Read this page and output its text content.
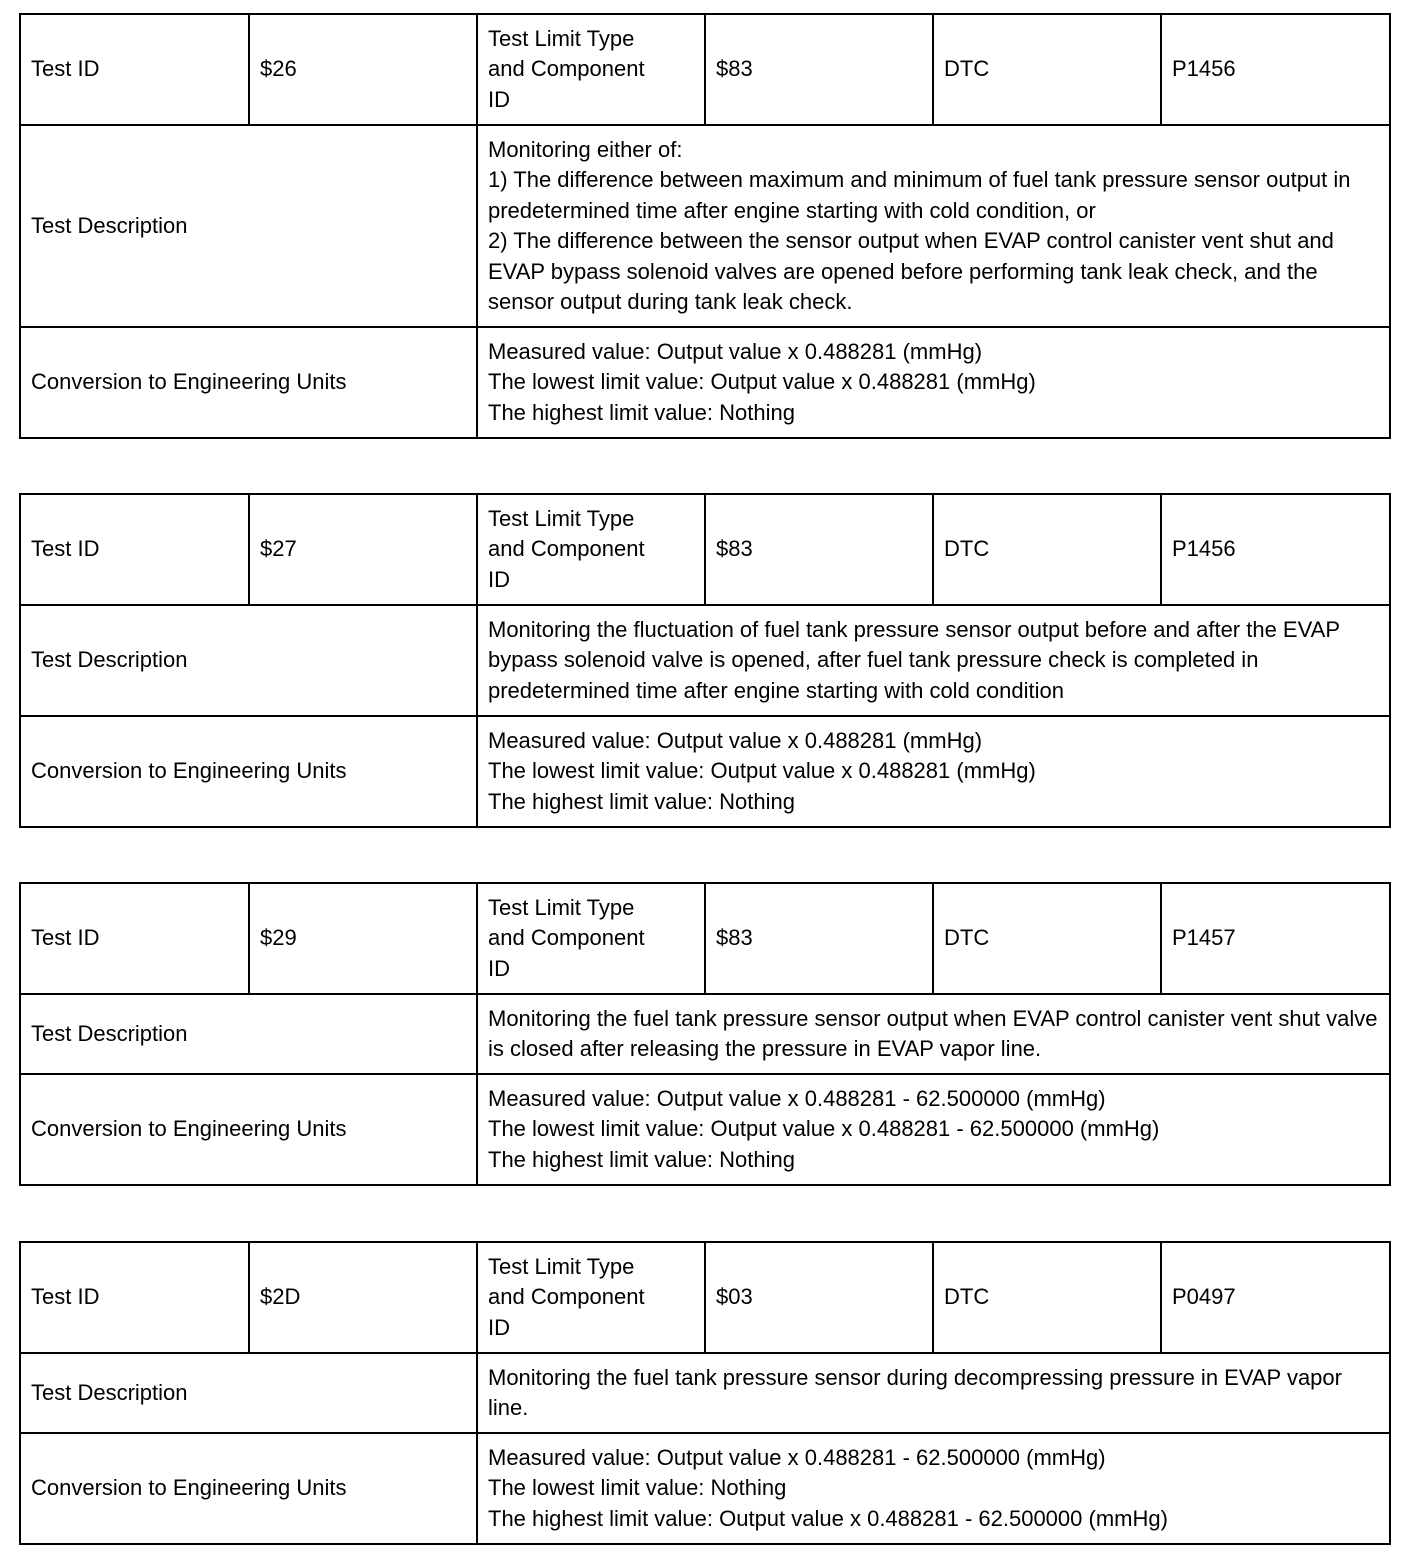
Test ID	$26	Test Limit Type
and Component
ID	$83	DTC	P1456
Test Description		Monitoring either of:
1) The difference between maximum and minimum of fuel tank pressure sensor output in predetermined time after engine starting with cold condition, or
2) The difference between the sensor output when EVAP control canister vent shut and EVAP bypass solenoid valves are opened before performing tank leak check, and the sensor output during tank leak check.			
Conversion to Engineering Units		Measured value: Output value x 0.488281 (mmHg)
The lowest limit value: Output value x 0.488281 (mmHg)
The highest limit value: Nothing			
Test ID	$27	Test Limit Type
and Component
ID	$83	DTC	P1456
Test Description		Monitoring the fluctuation of fuel tank pressure sensor output before and after the EVAP bypass solenoid valve is opened, after fuel tank pressure check is completed in predetermined time after engine starting with cold condition			
Conversion to Engineering Units		Measured value: Output value x 0.488281 (mmHg)
The lowest limit value: Output value x 0.488281 (mmHg)
The highest limit value: Nothing			
Test ID	$29	Test Limit Type
and Component
ID	$83	DTC	P1457
Test Description		Monitoring the fuel tank pressure sensor output when EVAP control canister vent shut valve is closed after releasing the pressure in EVAP vapor line.			
Conversion to Engineering Units		Measured value: Output value x 0.488281 - 62.500000 (mmHg)
The lowest limit value: Output value x 0.488281 - 62.500000 (mmHg)
The highest limit value: Nothing			
Test ID	$2D	Test Limit Type
and Component
ID	$03	DTC	P0497
Test Description		Monitoring the fuel tank pressure sensor during decompressing pressure in EVAP vapor line.			
Conversion to Engineering Units		Measured value: Output value x 0.488281 - 62.500000 (mmHg)
The lowest limit value: Nothing
The highest limit value: Output value x 0.488281 - 62.500000 (mmHg)			
